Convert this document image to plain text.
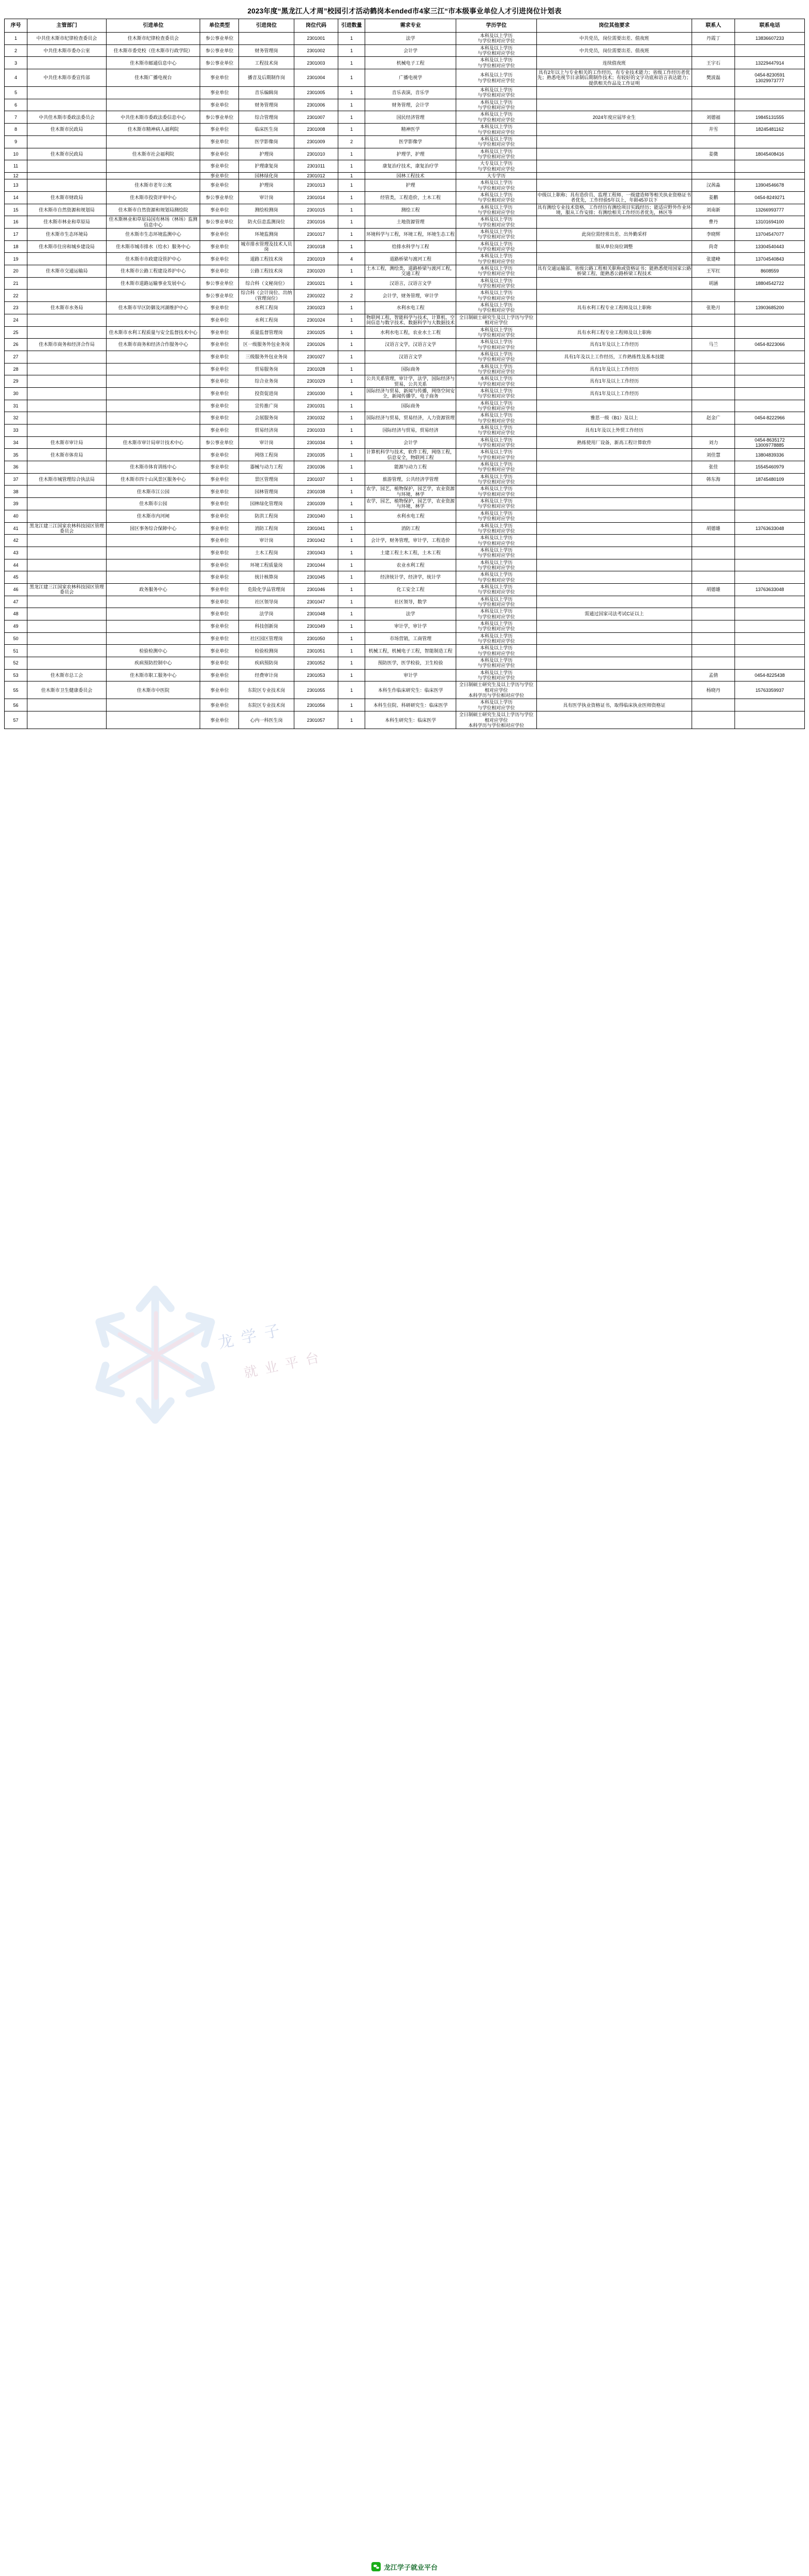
2023年度“黑龙江人才周”校园引才活动鹤岗本ended市4家三江“市本级事业单位人才引进岗位计划表
序号	主管部门	引进单位	单位类型	引进岗位	岗位代码	引进数量	需求专业	学历学位	岗位其他要求	联系人	联系电话
1	中共佳木斯市纪律检查委员会	佳木斯市纪律检查委员会	参公事业单位		2301001	1	法学	本科及以上学历
与学位相对应学位	中共党员，岗位需要出差、值夜班	丹霞丁	13836607233
2	中共佳木斯市委办公室	佳木斯市委党校（佳木斯市行政学院）	参公事业单位	财务管理岗	2301002	1	会计学	本科及以上学历
与学位相对应学位	中共党员，岗位需要出差、值夜班		
3		佳木斯市邮通信息中心	参公事业单位	工程技术岗	2301003	1	机械电子工程	本科及以上学历
与学位相对应学位	连续值夜班	王宇石	13229447914
4	中共佳木斯市委宣传部	佳木斯广播电视台	事业单位	播音及后期制作岗	2301004	1	广播电视学	本科及以上学历
与学位相对应学位	具有2年以上与专业相关的工作经历，有专业技术能力；省级工作经历者优先；熟悉电视节目录制后期制作技术；有较好的文字功底和语言表达能力；提供相关作品及工作证明	樊波磊	0454-8230591
13029973777
5			事业单位	音乐编辑岗	2301005	1	音乐表演，音乐学	本科及以上学历
与学位相对应学位			
6			事业单位	财务管理岗	2301006	1	财务管理，会计学	本科及以上学历
与学位相对应学位			
7	中共佳木斯市委政法委员会	中共佳木斯市委政法委信息中心	参公事业单位	综合管理岗	2301007	1	国民经济管理	本科及以上学历
与学位相对应学位	2024年度应届毕业生	刘德福	19845131555
8	佳木斯市民政局	佳木斯市精神病人福利院	事业单位	临床医生岗	2301008	1	精神医学	本科及以上学历
与学位相对应学位		井雪	18245481162
9			事业单位	医学影像岗	2301009	2	医学影像学	本科及以上学历
与学位相对应学位			
10	佳木斯市民政局	佳木斯市社会福利院	事业单位	护理岗	2301010	1	护理学，护理	本科及以上学历
与学位相对应学位		姜微	18045408416
11			事业单位	护理康复岗	2301011	1	康复治疗技术，康复治疗学	大专及以上学历
与学位相对应学位			
12			事业单位	园林绿化岗	2301012	1	园林工程技术	大专学历			
13		佳木斯市老年公寓	事业单位	护理岗	2301013	1	护理	本科及以上学历
与学位相对应学位		汉茜淼	13904546678
14	佳木斯市财政局	佳木斯市投资评审中心	参公事业单位	审计岗	2301014	1	经管类，工程造价，土木工程	本科及以上学历
与学位相对应学位	中级以上职称；具有造价员、监理工程师、一级建造师等相关执业资格证书者优先，工作经验5年以上，年龄45岁以下	姜鹏	0454-8249271
15	佳木斯市自然资源和规划局	佳木斯市自然资源和规划局测绘院	事业单位	测绘检测岗	2301015	1	测绘工程	本科及以上学历
与学位相对应学位	具有测绘专业技术资格，工作经历有测绘项目实践经历；能适应野外作业环境，服从工作安排；有测绘相关工作经历者优先，林区等	刘南新	13266993777
16	佳木斯市林业和草原局	佳木斯林业和草原局国有林场（林场）监测信息中心	参公事业单位	防火信息监测岗位	2301016	1	土地资源管理	本科及以上学历
与学位相对应学位		曹丹	13101694100
17	佳木斯市生态环境局	佳木斯市生态环境监测中心	事业单位	环境监测岗	2301017	1	环境科学与工程，环境工程，环境生态工程	本科及以上学历
与学位相对应学位	此岗位需经常出差、出外勤采样	李晓辉	13704547077
18	佳木斯市住房和城乡建设局	佳木斯市城市排水（给水）服务中心	事业单位	城市排水管理及技术人员岗	2301018	1	给排水科学与工程	本科及以上学历
与学位相对应学位	服从单位岗位调整	尚奇	13304540443
19		佳木斯市市政建设管护中心	事业单位	道路工程技术岗	2301019	4	道路桥梁与渡河工程	本科及以上学历
与学位相对应学位		张建峰	13704540843
20	佳木斯市交通运输局	佳木斯市公路工程建设养护中心	事业单位	公路工程技术岗	2301020	1	土木工程，测绘类，道路桥梁与渡河工程，交通工程	本科及以上学历
与学位相对应学位	具有交通运输部、省级公路工程相关职称或资格证书；能熟悉使用国家公路桥梁工程、能熟悉公路桥梁工程技术	王军红	8608559
21		佳木斯市道路运输事业发展中心	参公事业单位	综合科（文秘岗位）	2301021	1	汉语言，汉语言文学	本科及以上学历
与学位相对应学位		胡涵	18804542722
22			参公事业单位	综合科（会计岗位、出纳（管理岗位）	2301022	2	会计学，财务管理，审计学	本科及以上学历
与学位相对应学位			
23	佳木斯市水务局	佳木斯市旱区防御及河湖维护中心	事业单位	水利工程岗	2301023	1	水利水电工程	本科及以上学历
与学位相对应学位	具有水利工程专业工程师及以上职称	张艳月	13903685200
24			事业单位	水利工程岗	2301024	1	物联网工程，智能科学与技术，计算机、空间信息与数字技术、数据科学与大数据技术	全日制硕士研究生及以上学历与学位相对应学位			
25		佳木斯市水利工程质量与安全监督技术中心	事业单位	质量监督管理岗	2301025	1	水利水电工程，农业水土工程	本科及以上学历
与学位相对应学位	具有水利工程专业工程师及以上职称		
26	佳木斯市商务和经济合作局	佳木斯市商务和经济合作服务中心	事业单位	区一级服务外包业务岗	2301026	1	汉语言文学，汉语言文学	本科及以上学历
与学位相对应学位	具有1年及以上工作经历	马兰	0454-8223066
27			事业单位	三级服务外包业务岗	2301027	1	汉语言文学	本科及以上学历
与学位相对应学位	具有1年及以上工作经历，工作熟练性及基本技能		
28			事业单位	贸易服务岗	2301028	1	国际商务	本科及以上学历
与学位相对应学位	具有1年及以上工作经历		
29			事业单位	综合业务岗	2301029	1	公共关系管理，审计学，法学，国际经济与贸易，公共关系	本科及以上学历
与学位相对应学位	具有1年及以上工作经历		
30			事业单位	投资促进岗	2301030	1	国际经济与贸易，新闻与传播，网络空间安全，新闻传播学，电子商务	本科及以上学历
与学位相对应学位	具有1年及以上工作经历		
31			事业单位	宣传推广岗	2301031	1	国际商务	本科及以上学历
与学位相对应学位			
32			事业单位	会展服务岗	2301032	1	国际经济与贸易，贸易经济，人力资源管理	本科及以上学历
与学位相对应学位	雅思一级（B1）及以上	赵金广	0454-8222966
33			事业单位	贸易经济岗	2301033	1	国际经济与贸易，贸易经济	本科及以上学历
与学位相对应学位	具有1年及以上外贸工作经历		
34	佳木斯市审计局	佳木斯市审计局审计技术中心	参公事业单位	审计岗	2301034	1	会计学	本科及以上学历
与学位相对应学位	熟练使用厂设备，新高工程计算软件	刘力	0454-8635172
13009778885
35	佳木斯市体育局		事业单位	网络工程岗	2301035	1	计算机科学与技术，软件工程，网络工程，信息安全，物联网工程	本科及以上学历
与学位相对应学位		刘佳慧	13804839336
36		佳木斯市体育训练中心	事业单位	器械与动力工程	2301036	1	能源与动力工程	本科及以上学历
与学位相对应学位		张佳	15545460979
37	佳木斯市城管理综合执法局	佳木斯市四十山风景区服务中心	事业单位	景区管理岗	2301037	1	旅游管理，公共经济学管理	本科及以上学历
与学位相对应学位		韩东海	18745480109
38		佳木斯市江公园	事业单位	园林管理岗	2301038	1	农学，园艺，植物保护，园艺学，农业资源与环境，林学	本科及以上学历
与学位相对应学位			
39		佳木斯市公园	事业单位	园林绿化管理岗	2301039	1	农学，园艺，植物保护，园艺学，农业资源与环境，林学	本科及以上学历
与学位相对应学位			
40		佳木斯市内河闸	事业单位	防洪工程岗	2301040	1	水利水电工程	本科及以上学历
与学位相对应学位			
41	黑龙江建三江国家农林科技园区管理委员会	园区事务综合保障中心	事业单位	消防工程岗	2301041	1	消防工程	本科及以上学历
与学位相对应学位		胡德雄	13763633048
42			事业单位	审计岗	2301042	1	会计学，财务管理，审计学，工程造价	本科及以上学历
与学位相对应学位			
43			事业单位	土木工程岗	2301043	1	土建工程土木工程，土木工程	本科及以上学历
与学位相对应学位			
44			事业单位	环境工程质量岗	2301044	1	农业水利工程	本科及以上学历
与学位相对应学位			
45			事业单位	统计核算岗	2301045	1	经济统计学，经济学，统计学	本科及以上学历
与学位相对应学位			
46	黑龙江建三江国家农林科技园区管理委员会	政务服务中心	事业单位	危险化学品管理岗	2301046	1	化工安全工程	本科及以上学历
与学位相对应学位		胡德雄	13763633048
47			事业单位	社区领导岗	2301047	1	社区领导，数学	本科及以上学历
与学位相对应学位			
48			事业单位	法学岗	2301048	1	法学	本科及以上学历
与学位相对应学位	需通过国家司法考试C证以上		
49			事业单位	科技创新岗	2301049	1	审计学，审计学	本科及以上学历
与学位相对应学位			
50			事业单位	社区园区管理岗	2301050	1	市场营销，工商管理	本科及以上学历
与学位相对应学位			
51		检验检测中心	事业单位	检验检测岗	2301051	1	机械工程，机械电子工程，智能制造工程	本科及以上学历
与学位相对应学位			
52		疾病预防控制中心	事业单位	疾病预防岗	2301052	1	预防医学，医学检验，卫生检验	本科及以上学历
与学位相对应学位			
53	佳木斯市总工会	佳木斯市职工服务中心	事业单位	经费审计岗	2301053	1	审计学	本科及以上学历
与学位相对应学位		孟倩	0454-8225438
55	佳木斯市卫生健康委员会	佳木斯市中医院	事业单位	东院区专业技术岗	2301055	1	本科生作临床研究生：临床医学	全日制硕士研究生及以上学历与学位相对应学位
本科学历与学位相对应学位		杨晓丹	15763359937
56			事业单位	东院区专业技术岗	2301056	1	本科生住院、科研研究生：临床医学	本科及以上学历
与学位相对应学位	具有医学执业资格证书，取得临床执业医师资格证		
57			事业单位	心内一科医生岗	2301057	1	本科生研究生：临床医学	全日制硕士研究生及以上学历与学位相对应学位
本科学历与学位相对应学位			
龙 学 子
就 业 平 台
龙江学子就业平台
